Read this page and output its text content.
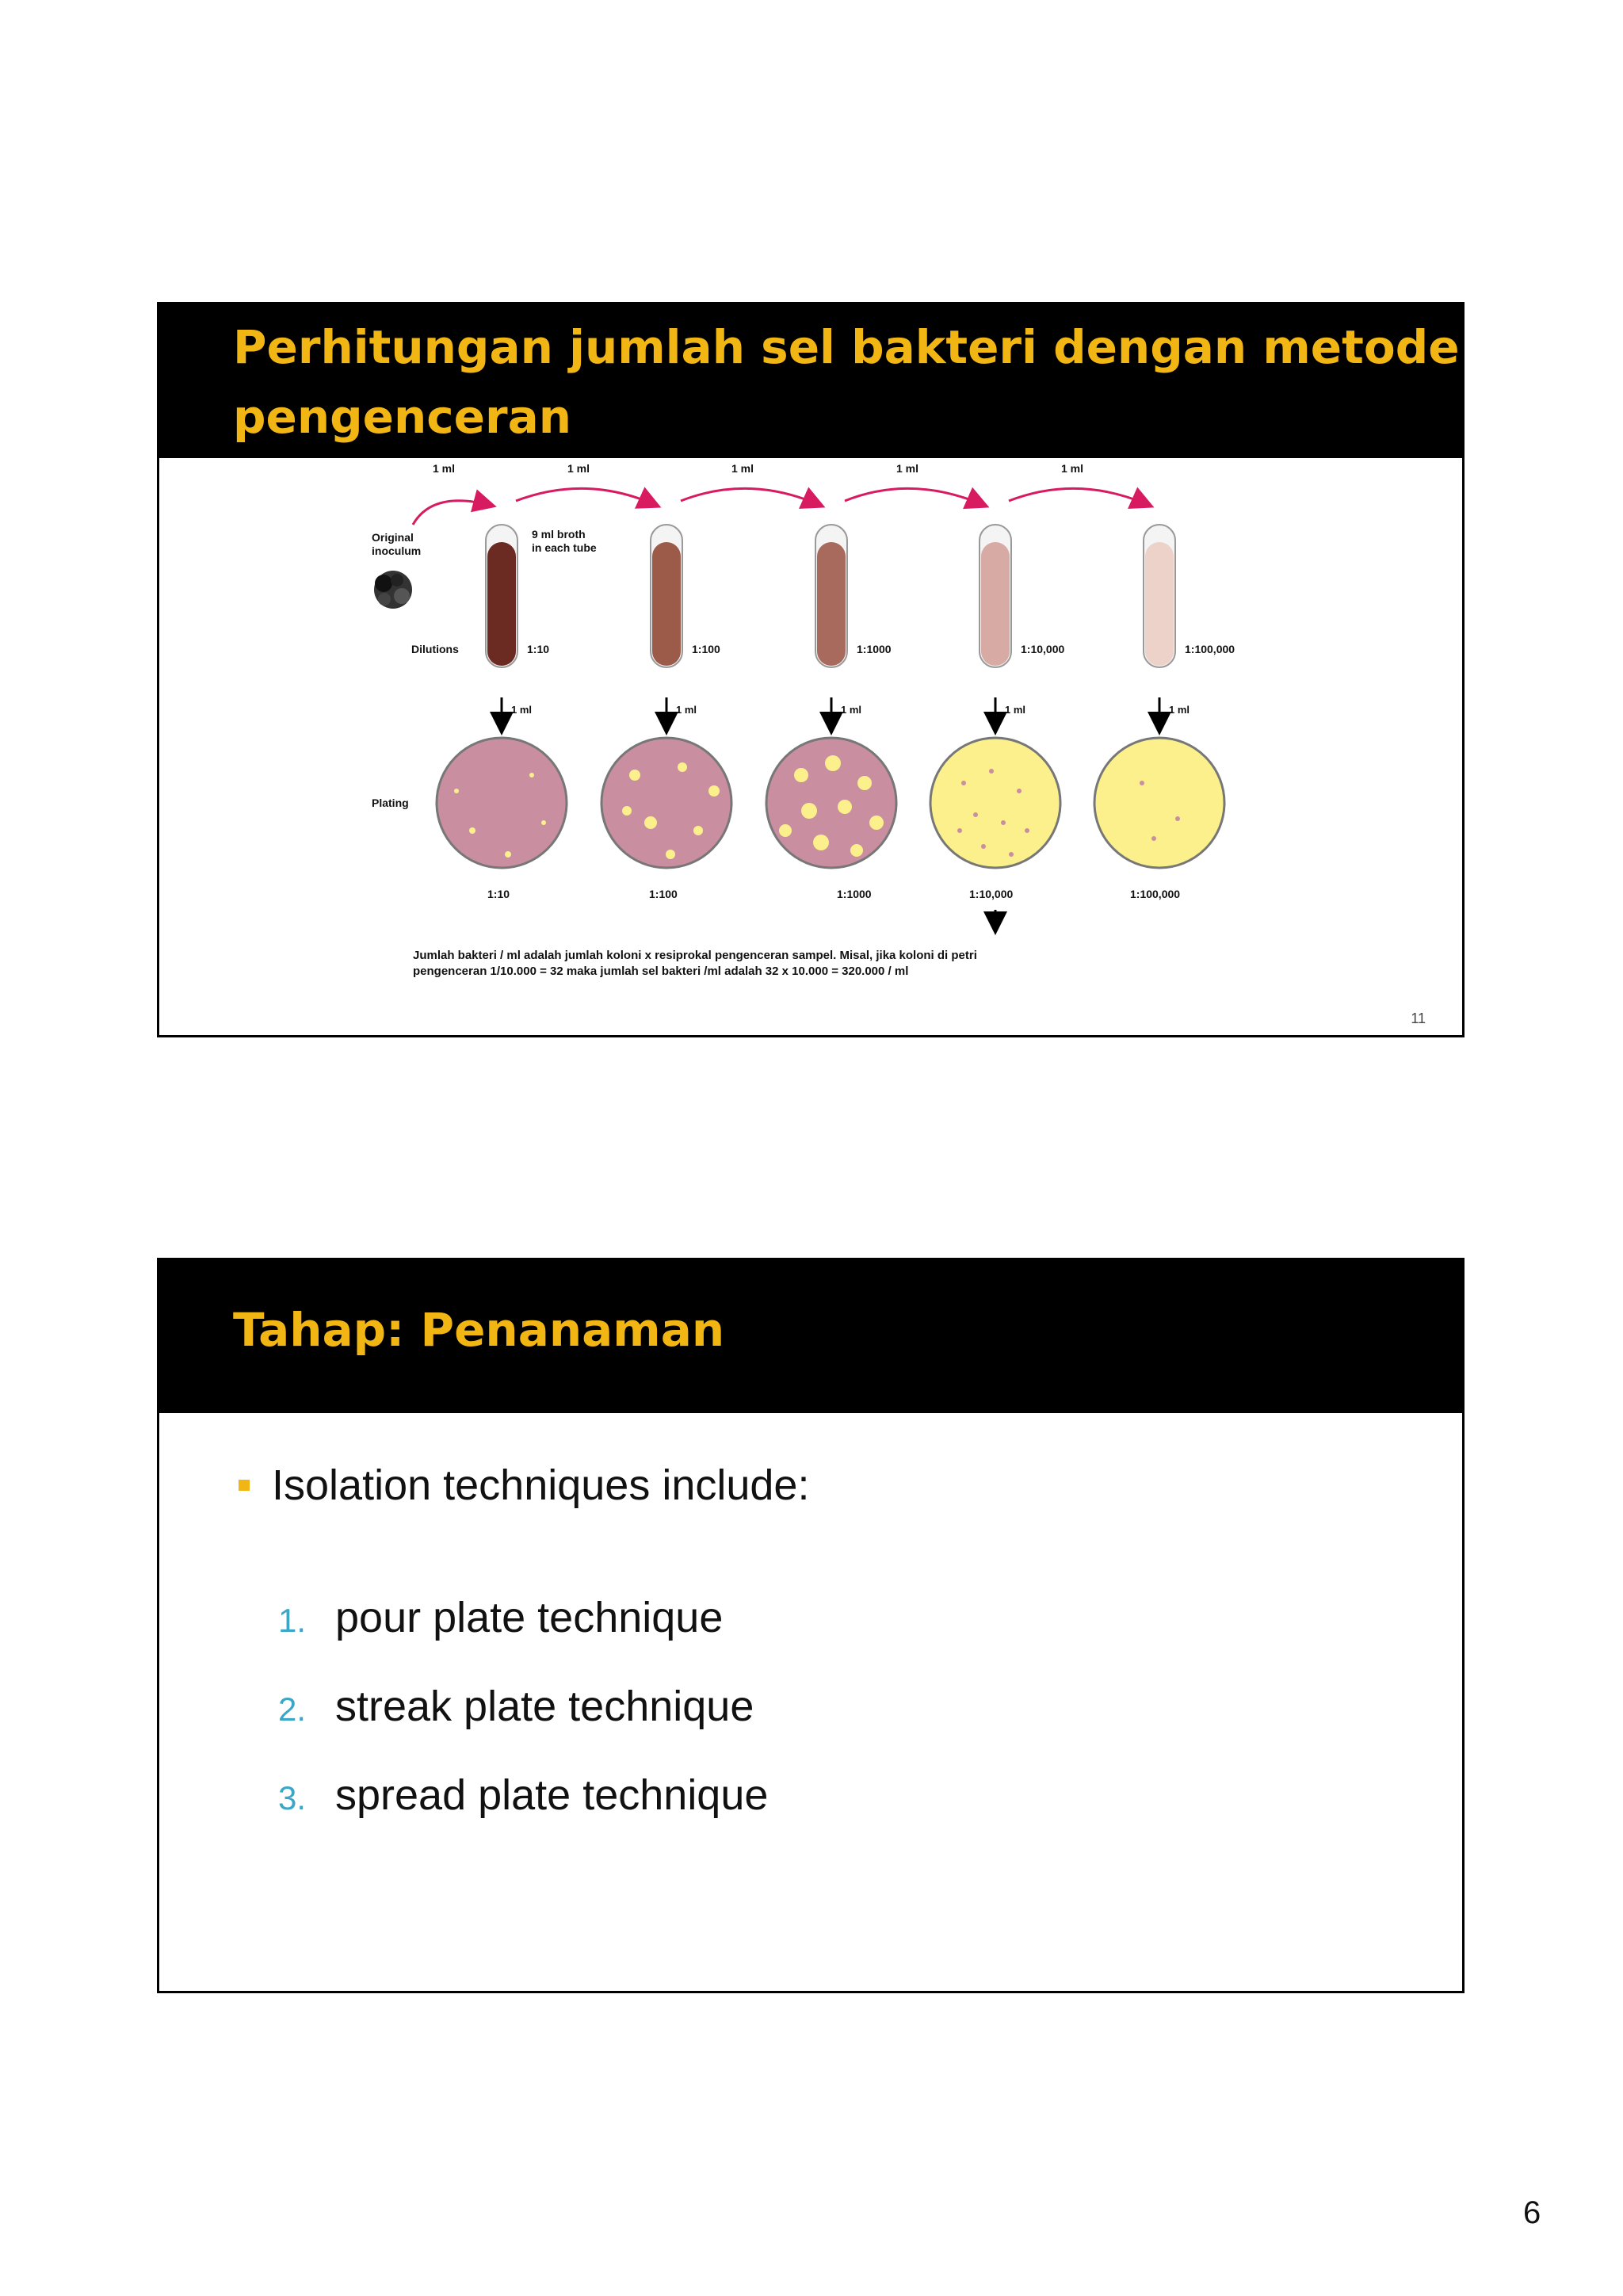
Perhitungan jumlah sel bakteri dengan metode
pengenceran
1 ml	1 ml	1 ml	1 ml	1 ml
Original
inoculum
9 ml broth
in each tube
Dilutions	1:10	1:100	1:1000	1:10,000	1:100,000
1 ml	1 ml	1 ml	1 ml	1 ml
Plating
1:10	1:100	1:1000	1:10,000	1:100,000
Jumlah bakteri / ml adalah jumlah koloni x resiprokal pengenceran sampel. Misal, jika koloni di petri
pengenceran 1/10.000 = 32 maka jumlah sel bakteri /ml adalah 32 x 10.000 = 320.000 / ml
11
Tahap: Penanaman
Isolation techniques include:
1. pour plate technique
2. streak plate technique
3. spread plate technique
6
